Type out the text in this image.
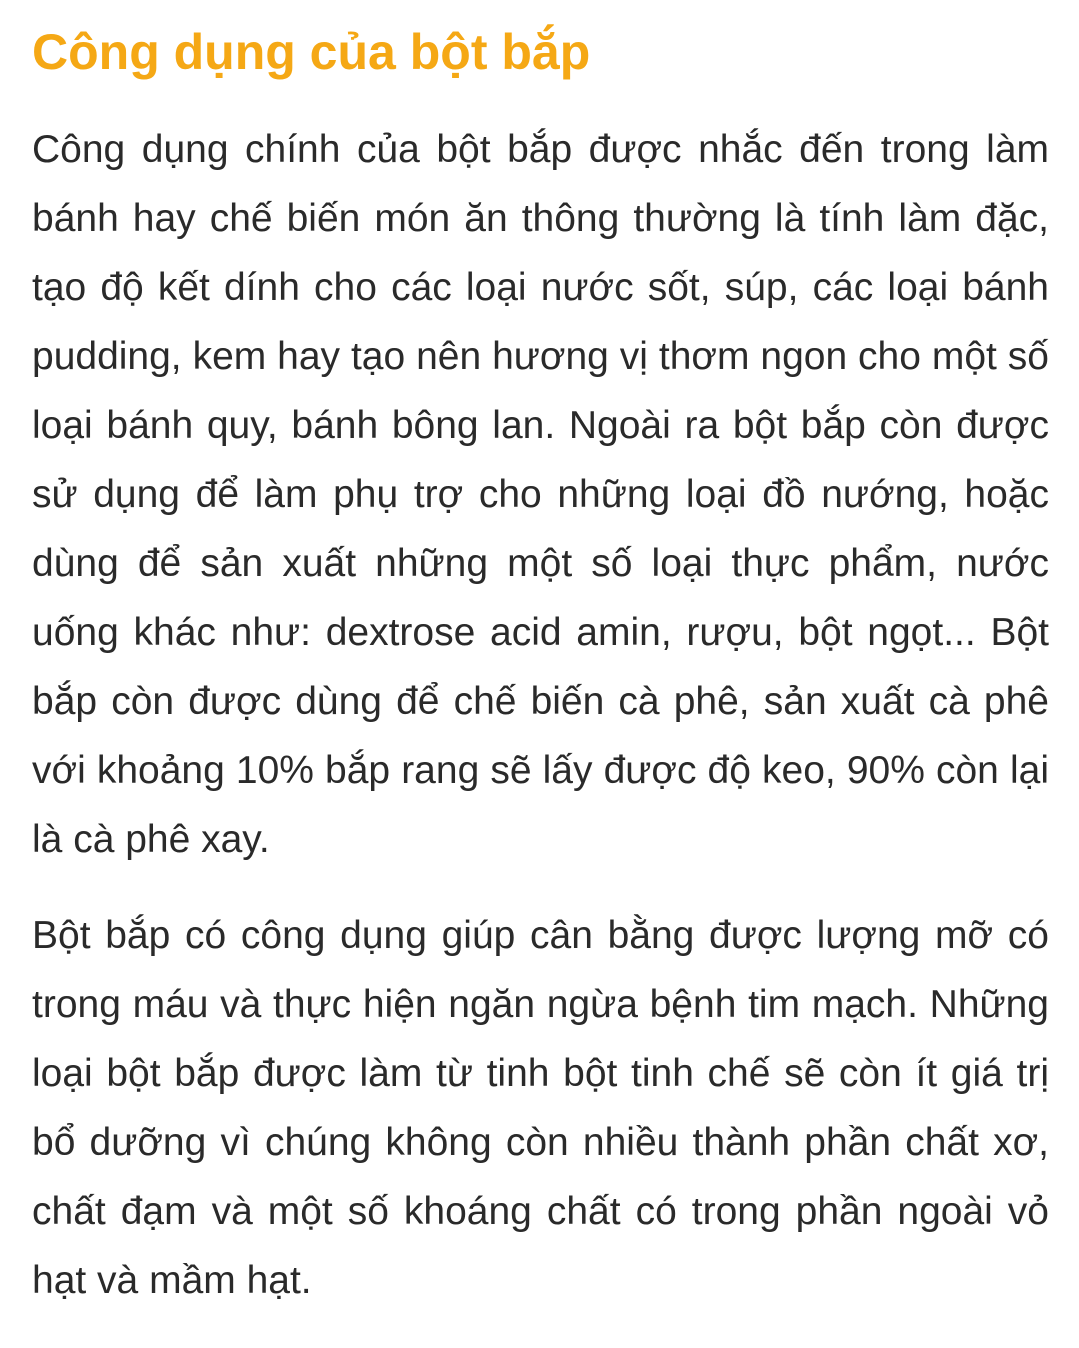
Công dụng của bột bắp

Công dụng chính của bột bắp được nhắc đến trong làm bánh hay chế biến món ăn thông thường là tính làm đặc, tạo độ kết dính cho các loại nước sốt, súp, các loại bánh pudding, kem hay tạo nên hương vị thơm ngon cho một số loại bánh quy, bánh bông lan. Ngoài ra bột bắp còn được sử dụng để làm phụ trợ cho những loại đồ nướng, hoặc dùng để sản xuất những một số loại thực phẩm, nước uống khác như: dextrose acid amin, rượu, bột ngọt... Bột bắp còn được dùng để chế biến cà phê, sản xuất cà phê với khoảng 10% bắp rang sẽ lấy được độ keo, 90% còn lại là cà phê xay.

Bột bắp có công dụng giúp cân bằng được lượng mỡ có trong máu và thực hiện ngăn ngừa bệnh tim mạch. Những loại bột bắp được làm từ tinh bột tinh chế sẽ còn ít giá trị bổ dưỡng vì chúng không còn nhiều thành phần chất xơ, chất đạm và một số khoáng chất có trong phần ngoài vỏ hạt và mầm hạt.
